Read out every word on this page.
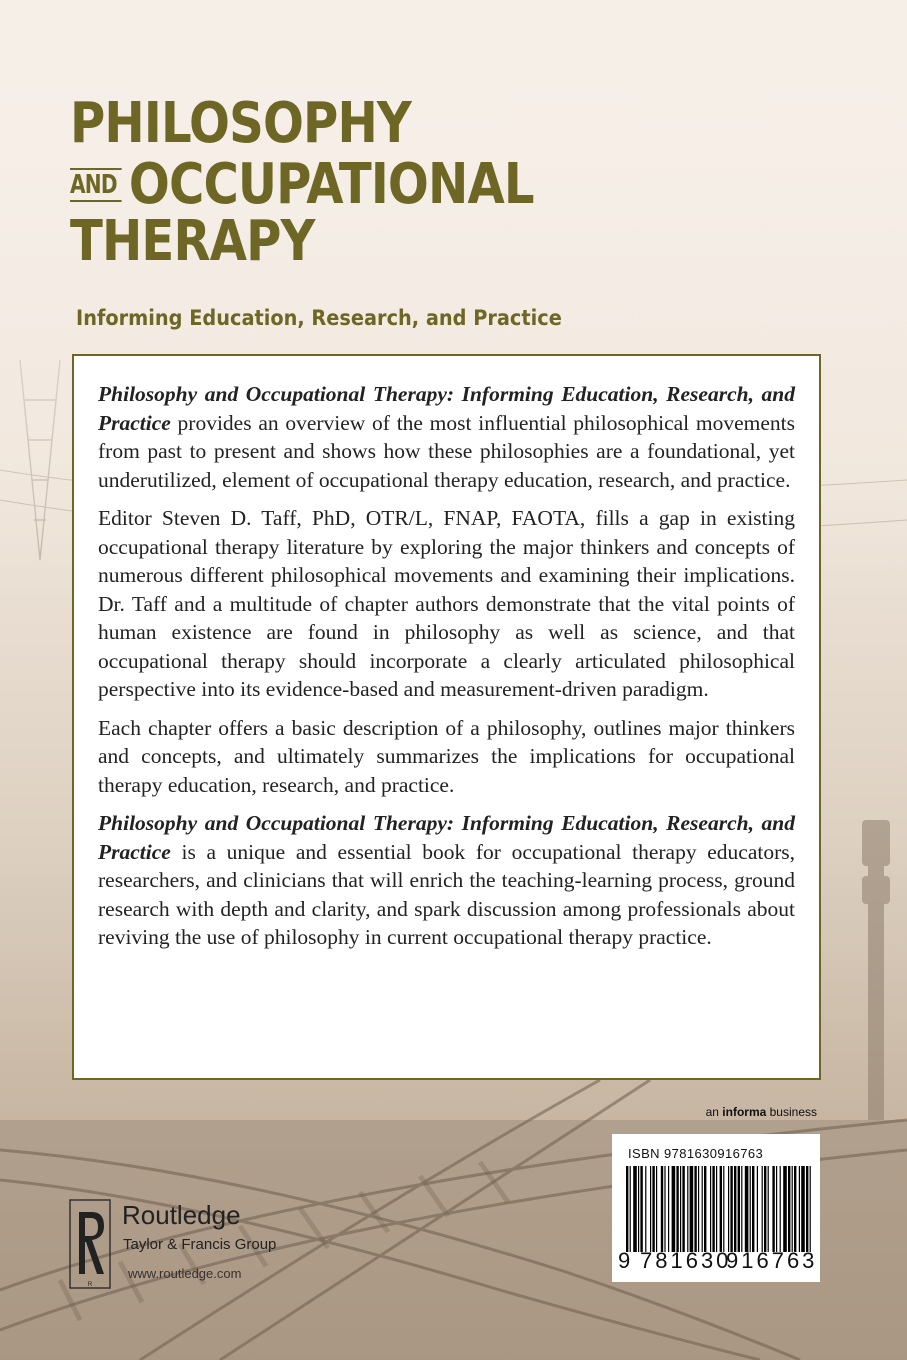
PHILOSOPHY
AND OCCUPATIONAL
THERAPY
Informing Education, Research, and Practice

Philosophy and Occupational Therapy: Informing Education, Research, and Practice provides an overview of the most influential philosophical movements from past to present and shows how these philosophies are a foundational, yet underutilized, element of occupational therapy education, research, and practice.

Editor Steven D. Taff, PhD, OTR/L, FNAP, FAOTA, fills a gap in existing occupational therapy literature by exploring the major thinkers and concepts of numerous different philosophical movements and examining their implications. Dr. Taff and a multitude of chapter authors demonstrate that the vital points of human existence are found in philosophy as well as science, and that occupational therapy should incorporate a clearly articulated philosophical perspective into its evidence-based and measurement-driven paradigm.

Each chapter offers a basic description of a philosophy, outlines major thinkers and concepts, and ultimately summarizes the implications for occupational therapy education, research, and practice.

Philosophy and Occupational Therapy: Informing Education, Research, and Practice is a unique and essential book for occupational therapy educators, researchers, and clinicians that will enrich the teaching-learning process, ground research with depth and clarity, and spark discussion among professionals about reviving the use of philosophy in current occupational therapy practice.

an informa business
ISBN 9781630916763
9 781630916763
R
Routledge
Taylor & Francis Group
www.routledge.com
